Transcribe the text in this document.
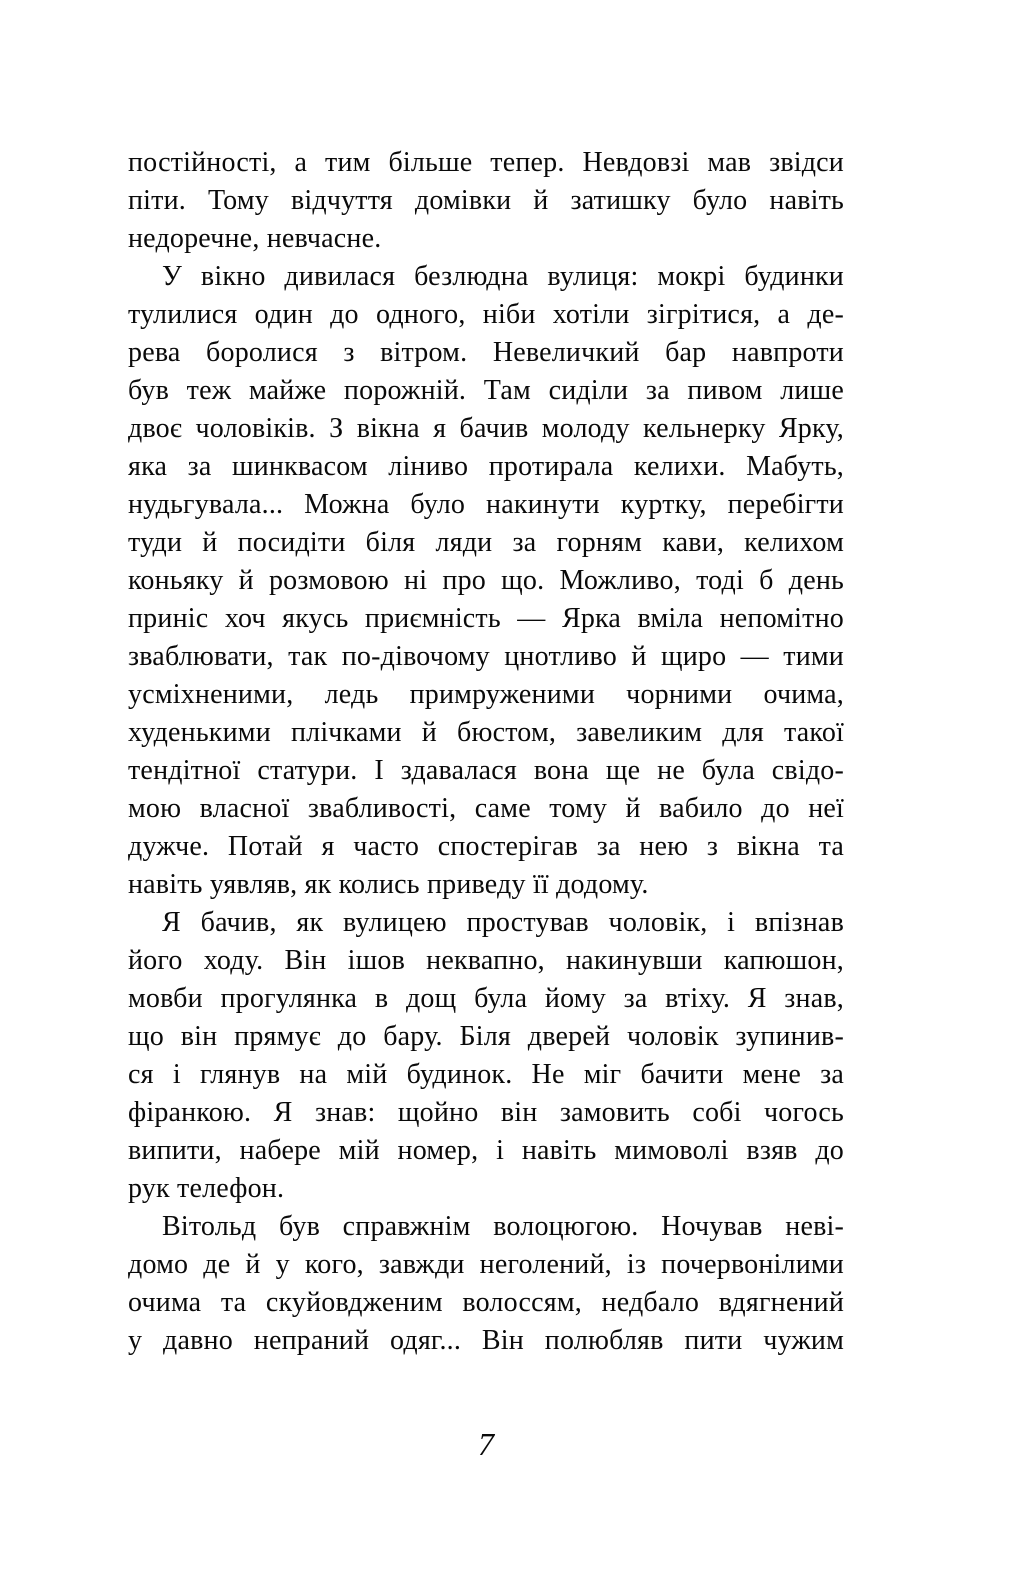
постійності, а тим більше тепер. Невдовзі мав звідси
піти. Тому відчуття домівки й затишку було навіть
недоречне, невчасне.
У вікно дивилася безлюдна вулиця: мокрі будинки
тулилися один до одного, ніби хотіли зігрітися, а де-
рева боролися з вітром. Невеличкий бар навпроти
був теж майже порожній. Там сиділи за пивом лише
двоє чоловіків. З вікна я бачив молоду кельнерку Ярку,
яка за шинквасом ліниво протирала келихи. Мабуть,
нудьгувала... Можна було накинути куртку, перебігти
туди й посидіти біля ляди за горням кави, келихом
коньяку й розмовою ні про що. Можливо, тоді б день
приніс хоч якусь приємність — Ярка вміла непомітно
зваблювати, так по-дівочому цнотливо й щиро — тими
усміхненими, ледь примруженими чорними очима,
худенькими плічками й бюстом, завеликим для такої
тендітної статури. І здавалася вона ще не була свідо-
мою власної звабливості, саме тому й вабило до неї
дужче. Потай я часто спостерігав за нею з вікна та
навіть уявляв, як колись приведу її додому.
Я бачив, як вулицею простував чоловік, і впізнав
його ходу. Він ішов неквапно, накинувши капюшон,
мовби прогулянка в дощ була йому за втіху. Я знав,
що він прямує до бару. Біля дверей чоловік зупинив-
ся і глянув на мій будинок. Не міг бачити мене за
фіранкою. Я знав: щойно він замовить собі чогось
випити, набере мій номер, і навіть мимоволі взяв до
рук телефон.
Вітольд був справжнім волоцюгою. Ночував неві-
домо де й у кого, завжди неголений, із почервонілими
очима та скуйовдженим волоссям, недбало вдягнений
у давно непраний одяг... Він полюбляв пити чужим
7
